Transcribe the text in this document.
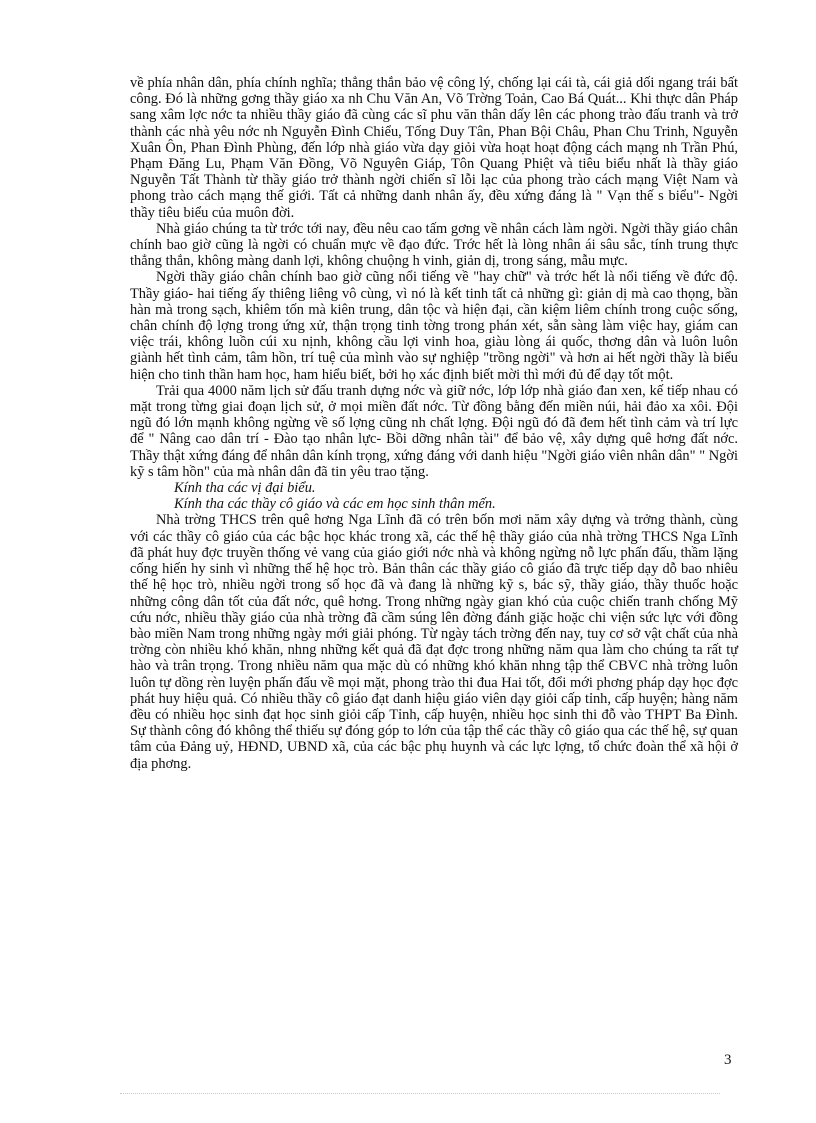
về phía nhân dân, phía chính nghĩa; thẳng thắn bảo vệ công lý, chống lại cái tà, cái giả dối ngang trái bất công. Đó là những gơng thầy giáo xa nh Chu Văn An, Võ Trờng Toản, Cao Bá Quát... Khi thực dân Pháp sang xâm lợc nớc ta nhiều thầy giáo đã cùng các sĩ phu văn thân dấy lên các phong trào đấu tranh và trở thành các nhà yêu nớc nh Nguyễn Đình Chiểu, Tống Duy Tân, Phan Bội Châu, Phan Chu Trinh, Nguyễn Xuân Ôn, Phan Đình Phùng, đến lớp nhà giáo vừa dạy giỏi vừa hoạt hoạt động cách mạng nh Trần Phú, Phạm Đăng Lu, Phạm Văn Đồng, Võ Nguyên Giáp, Tôn Quang Phiệt và tiêu biểu nhất là thầy giáo Nguyễn Tất Thành từ thầy giáo trở thành ngời chiến sĩ lỗi lạc của phong trào cách mạng Việt Nam và phong trào cách mạng thế giới. Tất cả những danh nhân ấy, đều xứng đáng là " Vạn thế s biểu"- Ngời thầy tiêu biểu của muôn đời.

Nhà giáo chúng ta từ trớc tới nay, đều nêu cao tấm gơng về nhân cách làm ngời. Ngời thầy giáo chân chính bao giờ cũng là ngời có chuẩn mực về đạo đức. Trớc hết là lòng nhân ái sâu sắc, tính trung thực thẳng thắn, không màng danh lợi, không chuộng h vinh, giản dị, trong sáng, mẫu mực.

Ngời thầy giáo chân chính bao giờ cũng nổi tiếng về "hay chữ" và trớc hết là nổi tiếng về đức độ. Thầy giáo- hai tiếng ấy thiêng liêng vô cùng, vì nó là kết tinh tất cả những gì: giản dị mà cao thọng, bần hàn mà trong sạch, khiêm tốn mà kiên trung, dân tộc và hiện đại, cần kiệm liêm chính trong cuộc sống, chân chính độ lợng trong ứng xử, thận trọng tinh tờng trong phán xét, sẵn sàng làm việc hay, giám can việc trái, không luồn cúi xu nịnh, không cầu lợi vinh hoa, giàu lòng ái quốc, thơng dân và luôn luôn giành hết tình cảm, tâm hồn, trí tuệ của mình vào sự nghiệp "trồng ngời" và hơn ai hết ngời thầy là biểu hiện cho tinh thần ham học, ham hiểu biết, bởi họ xác định biết mời thì mới đủ để dạy tốt một.

Trải qua 4000 năm lịch sử đấu tranh dựng nớc và giữ nớc, lớp lớp nhà giáo đan xen, kế tiếp nhau có mặt trong từng giai đoạn lịch sử, ở mọi miền đất nớc. Từ đồng bằng đến miền núi, hải đảo xa xôi. Đội ngũ đó lớn mạnh không ngừng về số lợng cũng nh chất lợng. Đội ngũ đó đã đem hết tình cảm và trí lực để " Nâng cao dân trí - Đào tạo nhân lực- Bồi dỡng nhân tài" để bảo vệ, xây dựng quê hơng đất nớc. Thầy thật xứng đáng để nhân dân kính trọng, xứng đáng với danh hiệu "Ngời giáo viên nhân dân" " Ngời kỹ s tâm hồn" của mà nhân dân đã tin yêu trao tặng.

Kính tha các vị đại biểu.

Kính tha các thầy cô giáo và các em học sinh thân mến.

Nhà trờng THCS trên quê hơng Nga Lĩnh đã có trên bốn mơi năm xây dựng và trởng thành, cùng với các thầy cô giáo của các bậc học khác trong xã, các thế hệ thầy giáo của nhà trờng THCS Nga Lĩnh đã phát huy đợc truyền thống vẻ vang của giáo giới nớc nhà và không ngừng nỗ lực phấn đấu, thầm lặng cống hiến hy sinh vì những thế hệ học trò. Bản thân các thầy giáo cô giáo đã trực tiếp dạy dỗ bao nhiêu thế hệ học trò, nhiều ngời trong số học đã và đang là những kỹ s, bác sỹ, thầy giáo, thầy thuốc hoặc những công dân tốt của đất nớc, quê hơng. Trong những ngày gian khó của cuộc chiến tranh chống Mỹ cứu nớc, nhiều thầy giáo của nhà trờng đã cầm súng lên đờng đánh giặc hoặc chi viện sức lực với đồng bào miền Nam trong những ngày mới giải phóng. Từ ngày tách trờng đến nay, tuy cơ sở vật chất của nhà trờng còn nhiều khó khăn, nhng những kết quả đã đạt đợc trong những năm qua làm cho chúng ta rất tự hào và trân trọng. Trong nhiều năm qua mặc dù có những khó khăn nhng tập thể CBVC nhà trờng luôn luôn tự dồng rèn luyện phấn đấu về mọi mặt, phong trào thi đua Hai tốt, đổi mới phơng pháp dạy học đợc phát huy hiệu quả. Có nhiều thầy cô giáo đạt danh hiệu giáo viên dạy giỏi cấp tỉnh, cấp huyện; hàng năm đều có nhiều học sinh đạt học sinh giỏi cấp Tỉnh, cấp huyện, nhiều học sinh thi đỗ vào THPT Ba Đình. Sự thành công đó không thể thiếu sự đóng góp to lớn của tập thể các thầy cô giáo qua các thế hệ, sự quan tâm của Đảng uỷ, HĐND, UBND xã, của các bậc phụ huynh và các lực lợng, tổ chức đoàn thể xã hội ở địa phơng.

3
